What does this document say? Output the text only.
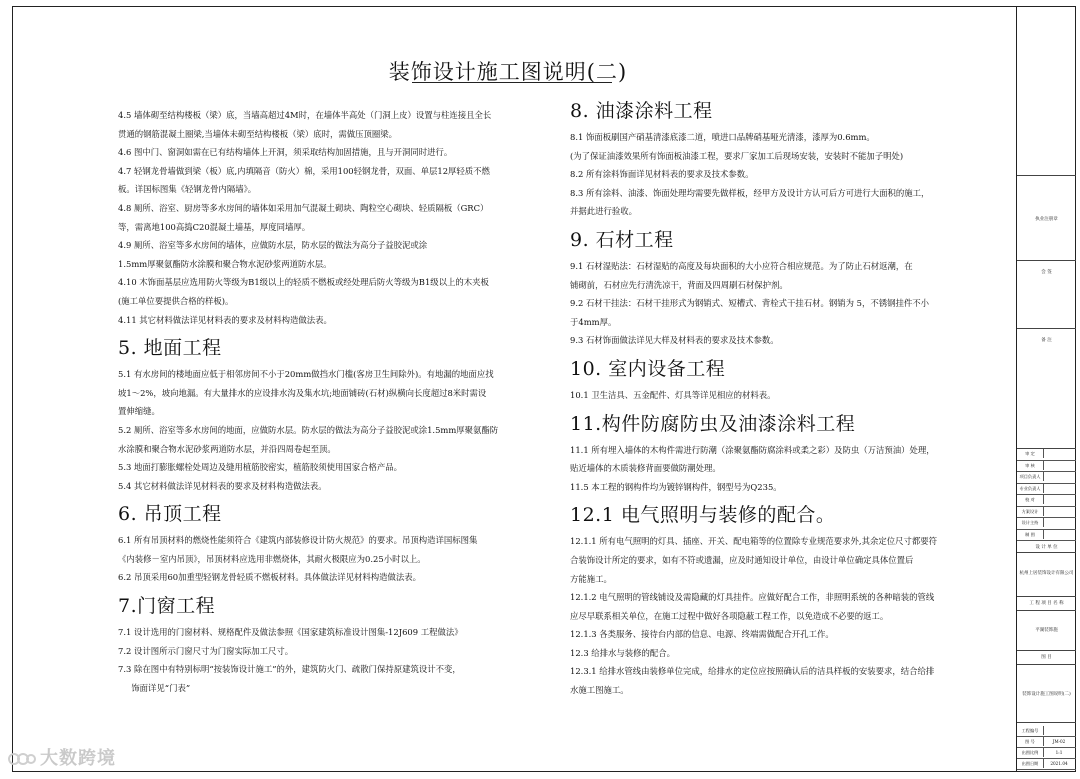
装饰设计施工图说明(二)

4.5 墙体砌至结构楼板（梁）底，当墙高超过4M时，在墙体半高处（门洞上皮）设置与柱连接且全长

贯通的钢筋混凝土圈梁,当墙体未砌至结构楼板（梁）底时，需做压顶圈梁。

4.6 图中门、窗洞如需在已有结构墙体上开洞，须采取结构加固措施，且与开洞同时进行。

4.7 轻钢龙骨墙做到梁（板）底,内填隔音（防火）棉，采用100轻钢龙骨，双面、单层12厚轻质不燃

板。详国标图集《轻钢龙骨内隔墙》。

4.8 厕所、浴室、厨房等多水房间的墙体如采用加气混凝土砌块、陶粒空心砌块、轻质隔板（GRC）

等，需离地100高捣C20混凝土墙基，厚度同墙厚。

4.9 厕所、浴室等多水房间的墙体，应做防水层，防水层的做法为高分子益胶泥或涂

1.5mm厚聚氨酯防水涂膜和聚合物水泥砂浆两道防水层。

4.10 木饰面基层应选用防火等级为B1级以上的轻质不燃板或经处理后防火等级为B1级以上的木夹板

(施工单位要提供合格的样板)。

4.11 其它材料做法详见材料表的要求及材料构造做法表。

5. 地面工程

5.1 有水房间的楼地面应低于相邻房间不小于20mm做挡水门槛(客房卫生间除外)。有地漏的地面应找

坡1～2%，坡向地漏。有大量排水的应设排水沟及集水坑;地面铺砖(石材)纵横向长度超过8米时需设

置伸缩缝。

5.2 厕所、浴室等多水房间的地面，应做防水层。防水层的做法为高分子益胶泥或涂1.5mm厚聚氨酯防

水涂膜和聚合物水泥砂浆两道防水层，并沿四周卷起至顶。

5.3 地面打膨胀螺栓处周边及缝用植筋胶密实，植筋胶须使用国家合格产品。

5.4 其它材料做法详见材料表的要求及材料构造做法表。

6. 吊顶工程

6.1 所有吊顶材料的燃烧性能须符合《建筑内部装修设计防火规范》的要求。吊顶构造详国标图集

《内装修－室内吊顶》，吊顶材料应选用非燃烧体，其耐火极限应为0.25小时以上。

6.2 吊顶采用60加重型轻钢龙骨轻质不燃板材料。具体做法详见材料构造做法表。

7.门窗工程

7.1 设计选用的门窗材料、规格配件及做法参照《国家建筑标准设计图集-12J609 工程做法》

7.2 设计图所示门窗尺寸为门窗实际加工尺寸。

7.3 除在图中有特别标明“按装饰设计施工”的外，建筑防火门、疏散门保持原建筑设计不变，

饰面详见“门表”

8. 油漆涂料工程

8.1 饰面板刷国产硝基清漆底漆二道，喷进口品牌硝基哑光清漆，漆厚为0.6mm。

(为了保证油漆效果所有饰面板油漆工程，要求厂家加工后现场安装，安装时不能加子明处)

8.2 所有涂料饰面详见材料表的要求及技术参数。

8.3 所有涂料、油漆、饰面处理均需要先做样板，经甲方及设计方认可后方可进行大面积的施工，

并据此进行验收。

9. 石材工程

9.1 石材湿贴法：石材湿贴的高度及每块面积的大小应符合相应规范。为了防止石材返潮，在

铺砌前，石材应先行清洗凉干，背面及四周刷石材保护剂。

9.2 石材干挂法：石材干挂形式为钢销式、短槽式、背栓式干挂石材。钢销为 5，不锈钢挂件不小

于4mm厚。

9.3 石材饰面做法详见大样及材料表的要求及技术参数。

10. 室内设备工程

10.1 卫生洁具、五金配件、灯具等详见相应的材料表。

11.构件防腐防虫及油漆涂料工程

11.1 所有埋入墙体的木构件需进行防潮（涂聚氨酯防腐涂料或柔之彩）及防虫（万洁预油）处理，

贴近墙体的木质装修背面要做防潮处理。

11.5 本工程的钢构件均为镀锌钢构件，钢型号为Q235。

12.1 电气照明与装修的配合。

12.1.1 所有电气照明的灯具、插座、开关、配电箱等的位置除专业规范要求外,其余定位尺寸都要符

合装饰设计所定的要求，如有不符或遗漏，应及时通知设计单位，由设计单位确定具体位置后

方能施工。

12.1.2 电气照明的管线铺设及需隐藏的灯具挂件。应做好配合工作，非照明系统的各种暗装的管线

应尽早联系相关单位，在施工过程中做好各项隐蔽工程工作，以免造成不必要的返工。

12.1.3 各类服务、接待台内部的信息、电源、终端需做配合开孔工作。

12.3 给排水与装修的配合。

12.3.1 给排水管线由装修单位完成，给排水的定位应按照确认后的洁具样板的安装要求，结合给排

水施工图施工。

执业注册章
会 签
备 注
审 定
审 核
项目负责人
专业负责人
校 对
方案设计
设计主持
制 图
设 计 单 位
杭州上居装饰设计有限公司
工 程 项 目 名 称
平湖装饰施
图 目
装饰设计施工图说明(二)
工程编号
图 号	JM-02
出图比例	1:1
出图日期	2021.04
大数跨境
